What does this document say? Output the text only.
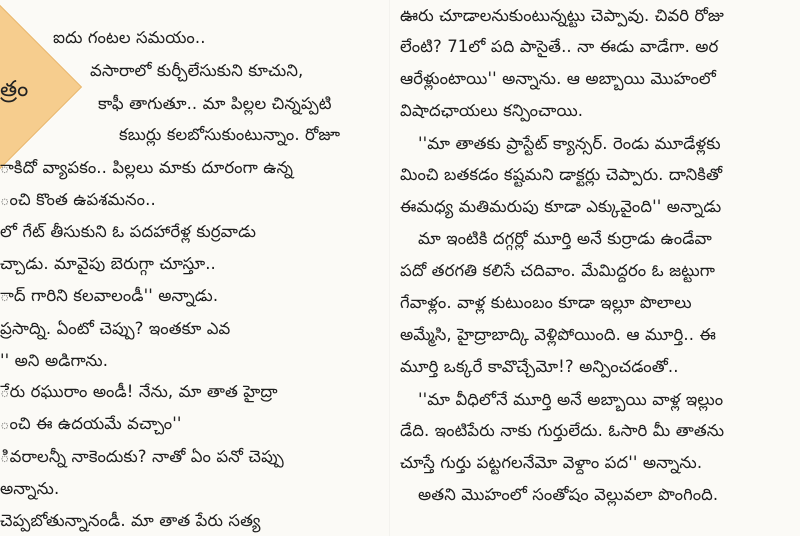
త్రం
ఐదు గంటల సమయం..
వసారాలో కుర్చీలేసుకుని కూచుని,
కాఫీ తాగుతూ.. మా పిల్లల చిన్నప్పటి
కబుర్లు కలబోసుకుంటున్నాం. రోజూ
ాకిదో వ్యాపకం.. పిల్లలు మాకు దూరంగా ఉన్న
ంచి కొంత ఉపశమనం..
లో గేట్ తీసుకుని ఓ పదహారేళ్ల కుర్రవాడు
చ్చాడు. మావైపు బెరుగ్గా చూస్తూ..
ాద్ గారిని కలవాలండీ'' అన్నాడు.
ప్రసాద్ని. ఏంటో చెప్పు? ఇంతకూ ఎవ
'' అని అడిగాను.
ేరు రఘురాం అండీ! నేను, మా తాత హైద్రా
ంచి ఈ ఉదయమే వచ్చాం''
ివరాలన్నీ నాకెందుకు? నాతో ఏం పనో చెప్పు
అన్నాను.
చెప్పబోతున్నానండీ. మా తాత పేరు సత్య
ఊరు చూడాలనుకుంటున్నట్టు చెప్పావు. చివరి రోజు
లేంటి? 71లో పది పాసైతే.. నా ఈడు వాడేగా. అర
ఆరేళ్లుంటాయి'' అన్నాను. ఆ అబ్బాయి మొహంలో
విషాదఛాయలు కన్పించాయి.
''మా తాతకు ప్రాస్టేట్ క్యాన్సర్. రెండు మూడేళ్లకు
మించి బతకడం కష్టమని డాక్టర్లు చెప్పారు. దానికితో
ఈమధ్య మతిమరుపు కూడా ఎక్కువైంది'' అన్నాడు
మా ఇంటికి దగ్గర్లో మూర్తి అనే కుర్రాడు ఉండేవా
పదో తరగతి కలిసే చదివాం. మేమిద్దరం ఓ జట్టుగా
గేవాళ్లం. వాళ్ల కుటుంబం కూడా ఇల్లూ పొలాలు
అమ్మేసి, హైద్రాబాద్కి వెళ్లిపోయింది. ఆ మూర్తి.. ఈ
మూర్తి ఒక్కరే కావొచ్చేమో!? అన్పించడంతో..
''మా వీధిలోనే మూర్తి అనే అబ్బాయి వాళ్ల ఇల్లుం
డేది. ఇంటిపేరు నాకు గుర్తులేదు. ఓసారి మీ తాతను
చూస్తే గుర్తు పట్టగలనేమో వెళ్దాం పద'' అన్నాను.
అతని మొహంలో సంతోషం వెల్లువలా పొంగింది.
